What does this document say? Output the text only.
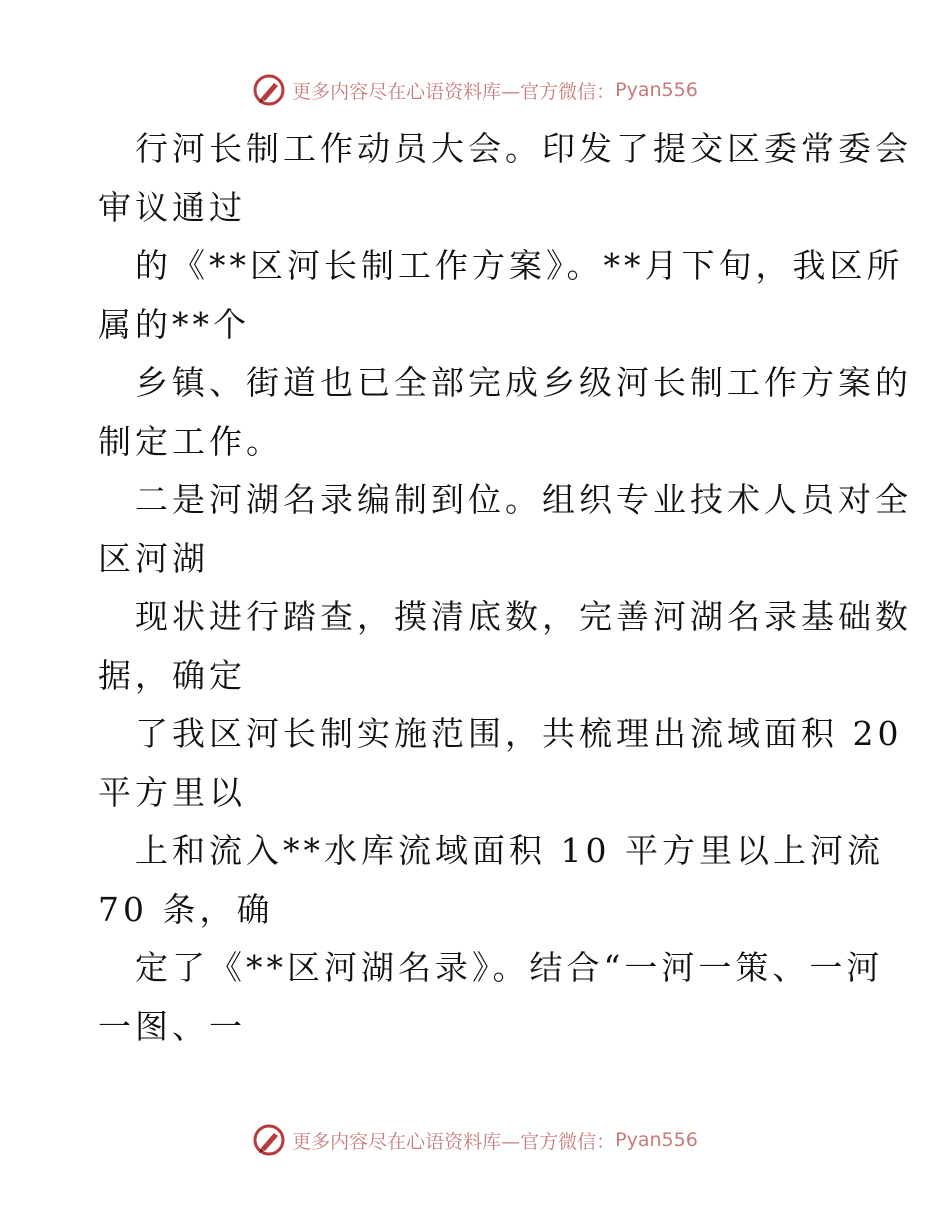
更多内容尽在心语资料库—官方微信： Pyan556
行河长制工作动员大会。印发了提交区委常委会
审议通过
的《**区河长制工作方案》。**月下旬，我区所
属的**个
乡镇、街道也已全部完成乡级河长制工作方案的
制定工作。
二是河湖名录编制到位。组织专业技术人员对全
区河湖
现状进行踏查，摸清底数，完善河湖名录基础数
据，确定
了我区河长制实施范围，共梳理出流域面积 20
平方里以
上和流入**水库流域面积 10 平方里以上河流
70 条，确
定了《**区河湖名录》。结合“一河一策、一河
一图、一
更多内容尽在心语资料库—官方微信： Pyan556
